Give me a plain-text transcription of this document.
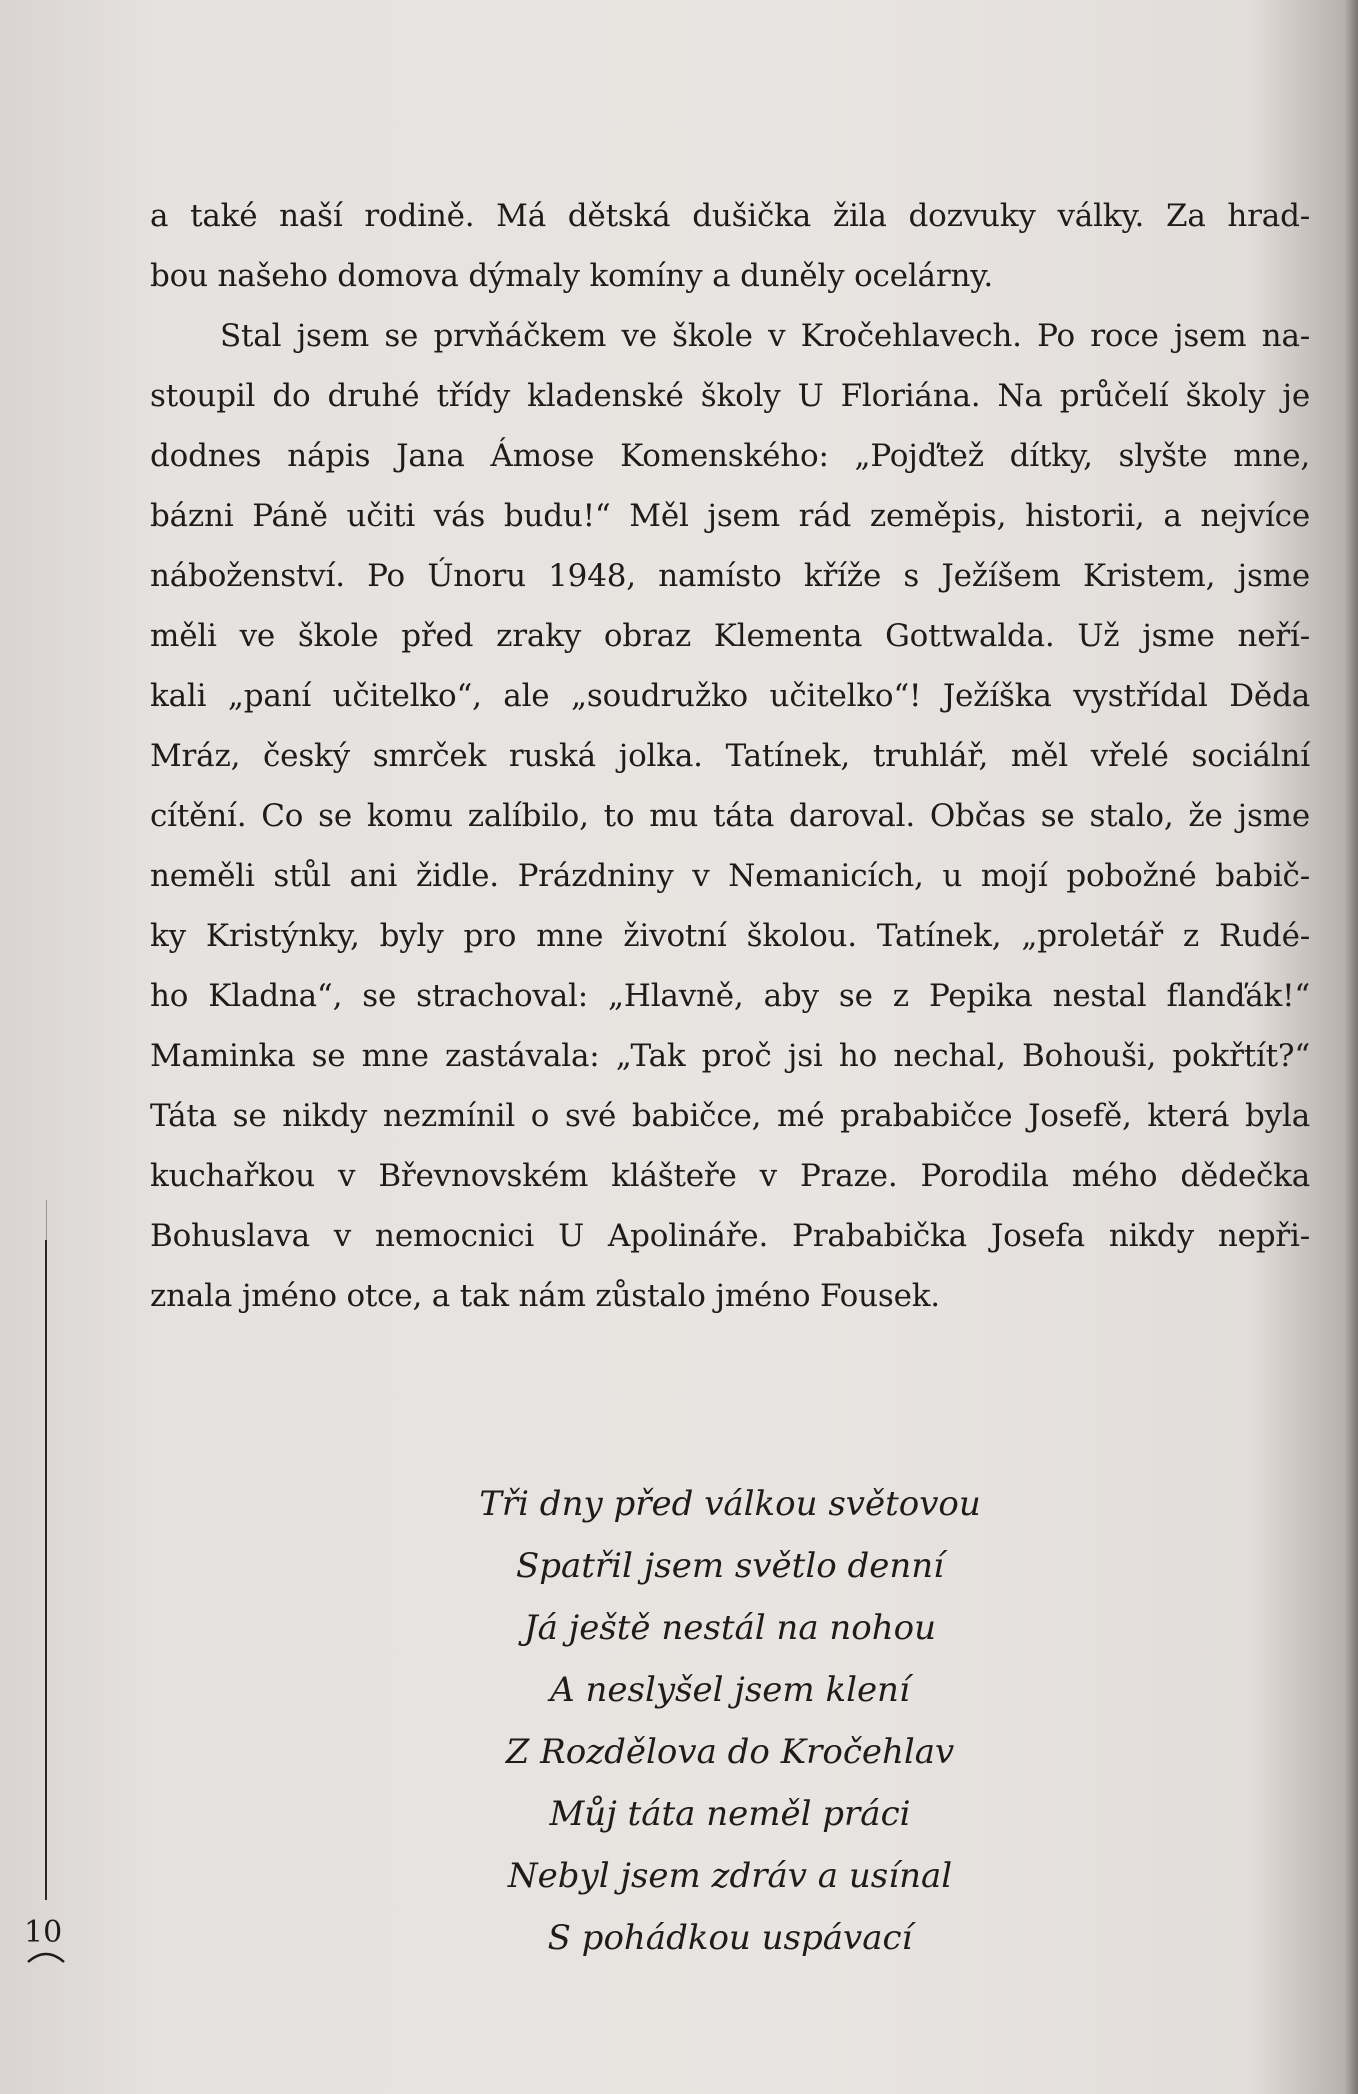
a také naší rodině. Má dětská dušička žila dozvuky války. Za hrad-
bou našeho domova dýmaly komíny a duněly ocelárny.
Stal jsem se prvňáčkem ve škole v Kročehlavech. Po roce jsem na-
stoupil do druhé třídy kladenské školy U Floriána. Na průčelí školy je
dodnes nápis Jana Ámose Komenského: „Pojďtež dítky, slyšte mne,
bázni Páně učiti vás budu!“ Měl jsem rád zeměpis, historii, a nejvíce
náboženství. Po Únoru 1948, namísto kříže s Ježíšem Kristem, jsme
měli ve škole před zraky obraz Klementa Gottwalda. Už jsme neří-
kali „paní učitelko“, ale „soudružko učitelko“! Ježíška vystřídal Děda
Mráz, český smrček ruská jolka. Tatínek, truhlář, měl vřelé sociální
cítění. Co se komu zalíbilo, to mu táta daroval. Občas se stalo, že jsme
neměli stůl ani židle. Prázdniny v Nemanicích, u mojí pobožné babič-
ky Kristýnky, byly pro mne životní školou. Tatínek, „proletář z Rudé-
ho Kladna“, se strachoval: „Hlavně, aby se z Pepika nestal flanďák!“
Maminka se mne zastávala: „Tak proč jsi ho nechal, Bohouši, pokřtít?“
Táta se nikdy nezmínil o své babičce, mé prababičce Josefě, která byla
kuchařkou v Břevnovském klášteře v Praze. Porodila mého dědečka
Bohuslava v nemocnici U Apolináře. Prababička Josefa nikdy nepři-
znala jméno otce, a tak nám zůstalo jméno Fousek.
Tři dny před válkou světovou
Spatřil jsem světlo denní
Já ještě nestál na nohou
A neslyšel jsem klení
Z Rozdělova do Kročehlav
Můj táta neměl práci
Nebyl jsem zdráv a usínal
S pohádkou uspávací
10
